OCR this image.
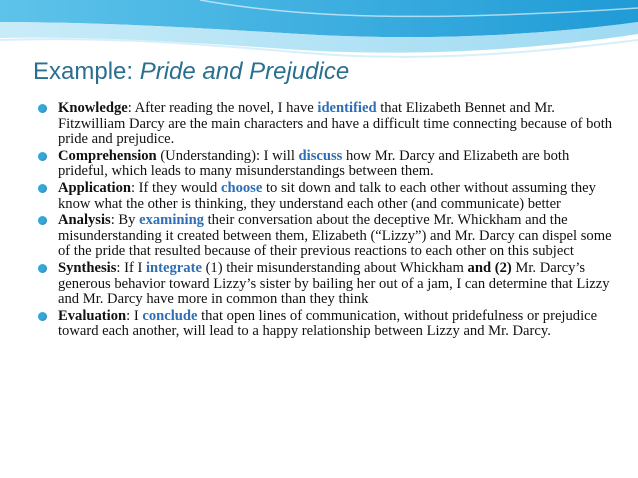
Example: Pride and Prejudice
Knowledge: After reading the novel, I have identified that Elizabeth Bennet and Mr. Fitzwilliam Darcy are the main characters and have a difficult time connecting because of both pride and prejudice.
Comprehension (Understanding): I will discuss how Mr. Darcy and Elizabeth are both prideful, which leads to many misunderstandings between them.
Application: If they would choose to sit down and talk to each other without assuming they know what the other is thinking, they understand each other (and communicate) better
Analysis: By examining their conversation about the deceptive Mr. Whickham and the misunderstanding it created between them, Elizabeth (“Lizzy”) and Mr. Darcy can dispel some of the pride that resulted because of their previous reactions to each other on this subject
Synthesis: If I integrate (1) their misunderstanding about Whickham and (2) Mr. Darcy’s generous behavior toward Lizzy’s sister by bailing her out of a jam, I can determine that Lizzy and Mr. Darcy have more in common than they think
Evaluation: I conclude that open lines of communication, without pridefulness or prejudice toward each another, will lead to a happy relationship between Lizzy and Mr. Darcy.
